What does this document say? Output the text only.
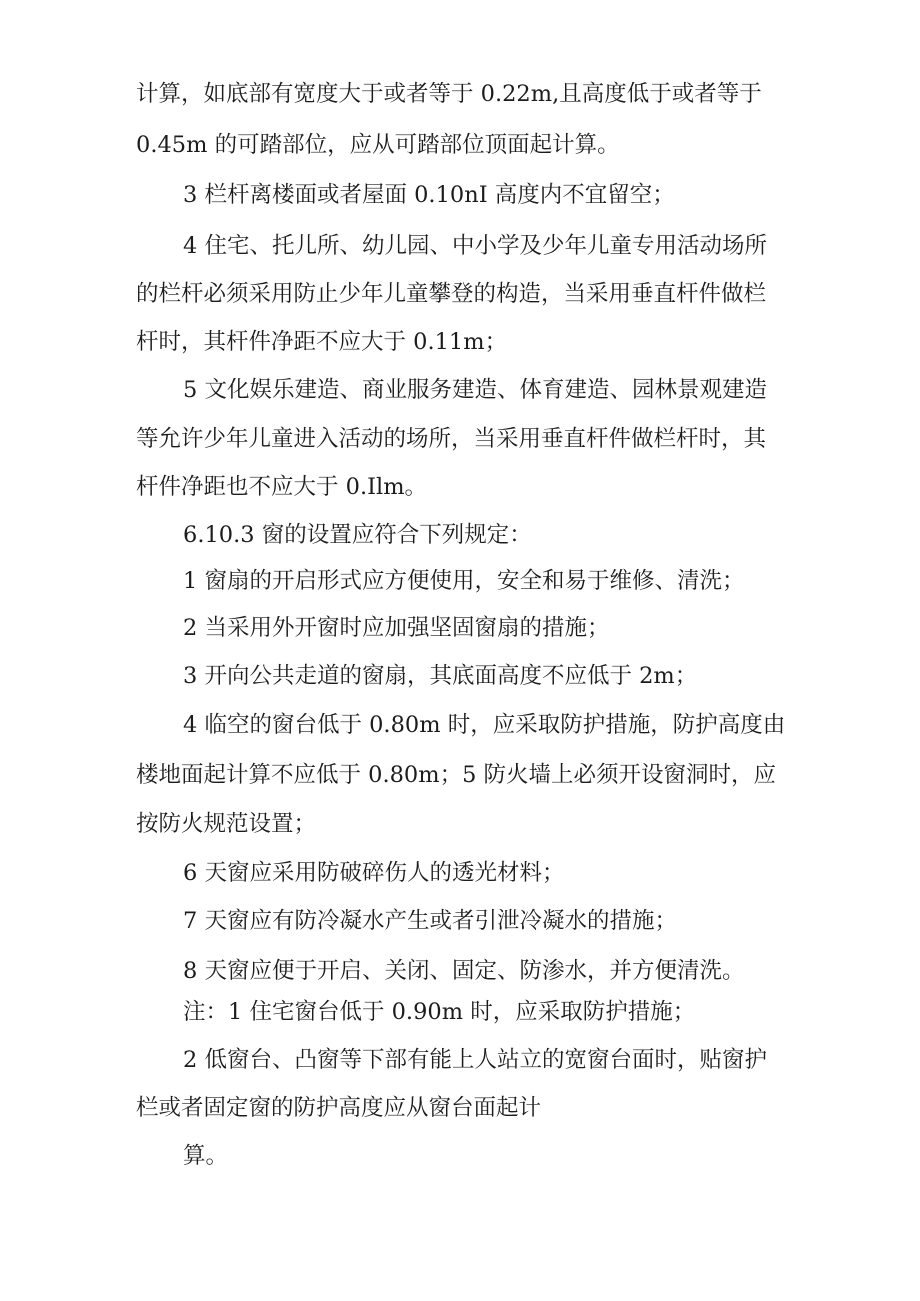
计算，如底部有宽度大于或者等于 0.22m,且高度低于或者等于

0.45m 的可踏部位，应从可踏部位顶面起计算。

3 栏杆离楼面或者屋面 0.10nI 高度内不宜留空；

4 住宅、托儿所、幼儿园、中小学及少年儿童专用活动场所

的栏杆必须采用防止少年儿童攀登的构造，当采用垂直杆件做栏

杆时，其杆件净距不应大于 0.11m；

5 文化娱乐建造、商业服务建造、体育建造、园林景观建造

等允许少年儿童进入活动的场所，当采用垂直杆件做栏杆时，其

杆件净距也不应大于 0.Ilm。

6.10.3 窗的设置应符合下列规定：

1 窗扇的开启形式应方便使用，安全和易于维修、清洗；

2 当采用外开窗时应加强坚固窗扇的措施；

3 开向公共走道的窗扇，其底面高度不应低于 2m；

4 临空的窗台低于 0.80m 时，应采取防护措施，防护高度由

楼地面起计算不应低于 0.80m；5 防火墙上必须开设窗洞时，应

按防火规范设置；

6 天窗应采用防破碎伤人的透光材料；

7 天窗应有防冷凝水产生或者引泄冷凝水的措施；

8 天窗应便于开启、关闭、固定、防渗水，并方便清洗。

注：1 住宅窗台低于 0.90m 时，应采取防护措施；

2 低窗台、凸窗等下部有能上人站立的宽窗台面时，贴窗护

栏或者固定窗的防护高度应从窗台面起计

算。
